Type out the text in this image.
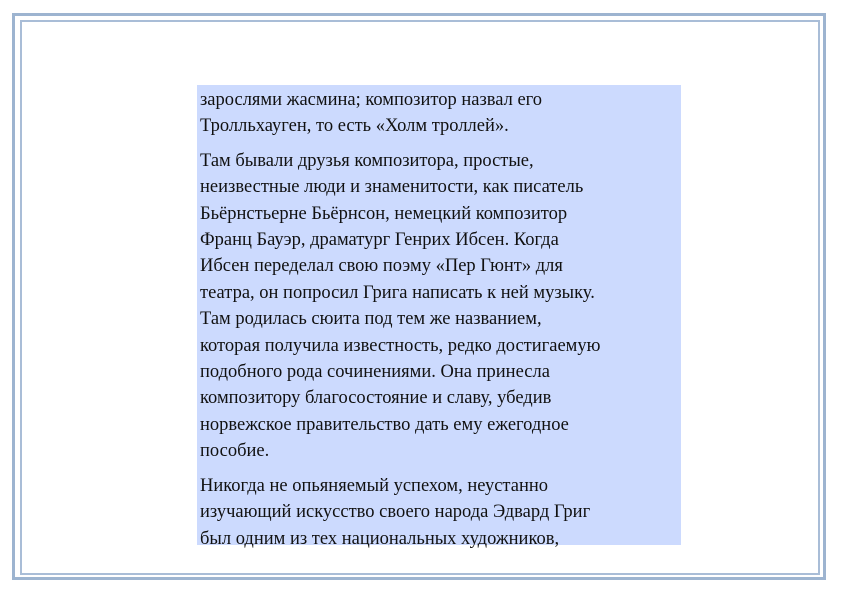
зарослями жасмина; композитор назвал его
Тролльхауген, то есть «Холм троллей».

Там бывали друзья композитора, простые,
неизвестные люди и знаменитости, как писатель
Бьёрнстьерне Бьёрнсон, немецкий композитор
Франц Бауэр, драматург Генрих Ибсен. Когда
Ибсен переделал свою поэму «Пер Гюнт» для
театра, он попросил Грига написать к ней музыку.
Там родилась сюита под тем же названием,
которая получила известность, редко достигаемую
подобного рода сочинениями. Она принесла
композитору благосостояние и славу, убедив
норвежское правительство дать ему ежегодное
пособие.

Никогда не опьяняемый успехом, неустанно
изучающий искусство своего народа Эдвард Григ
был одним из тех национальных художников,
